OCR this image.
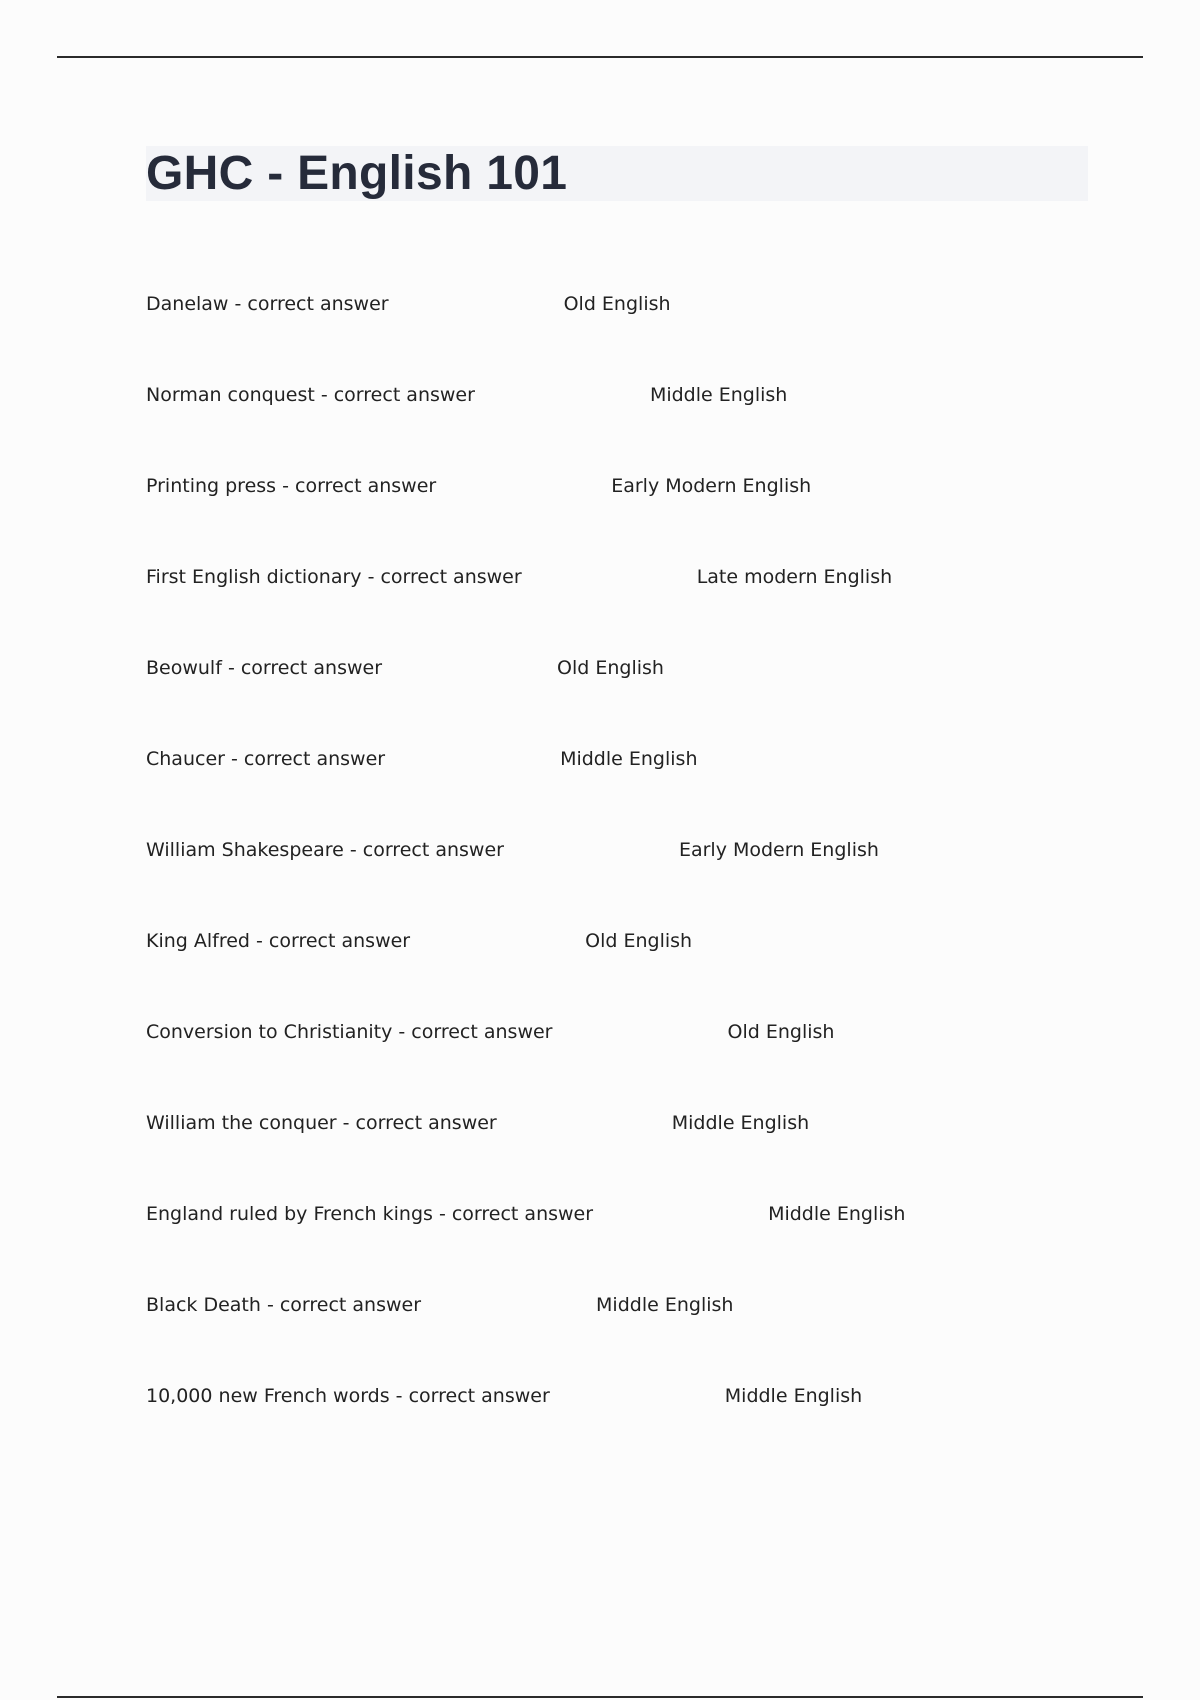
GHC - English 101
Danelaw - correct answer	Old English
Norman conquest - correct answer	Middle English
Printing press - correct answer	Early Modern English
First English dictionary - correct answer	Late modern English
Beowulf - correct answer	Old English
Chaucer - correct answer	Middle English
William Shakespeare - correct answer	Early Modern English
King Alfred - correct answer	Old English
Conversion to Christianity - correct answer	Old English
William the conquer - correct answer	Middle English
England ruled by French kings - correct answer	Middle English
Black Death - correct answer	Middle English
10,000 new French words - correct answer	Middle English
